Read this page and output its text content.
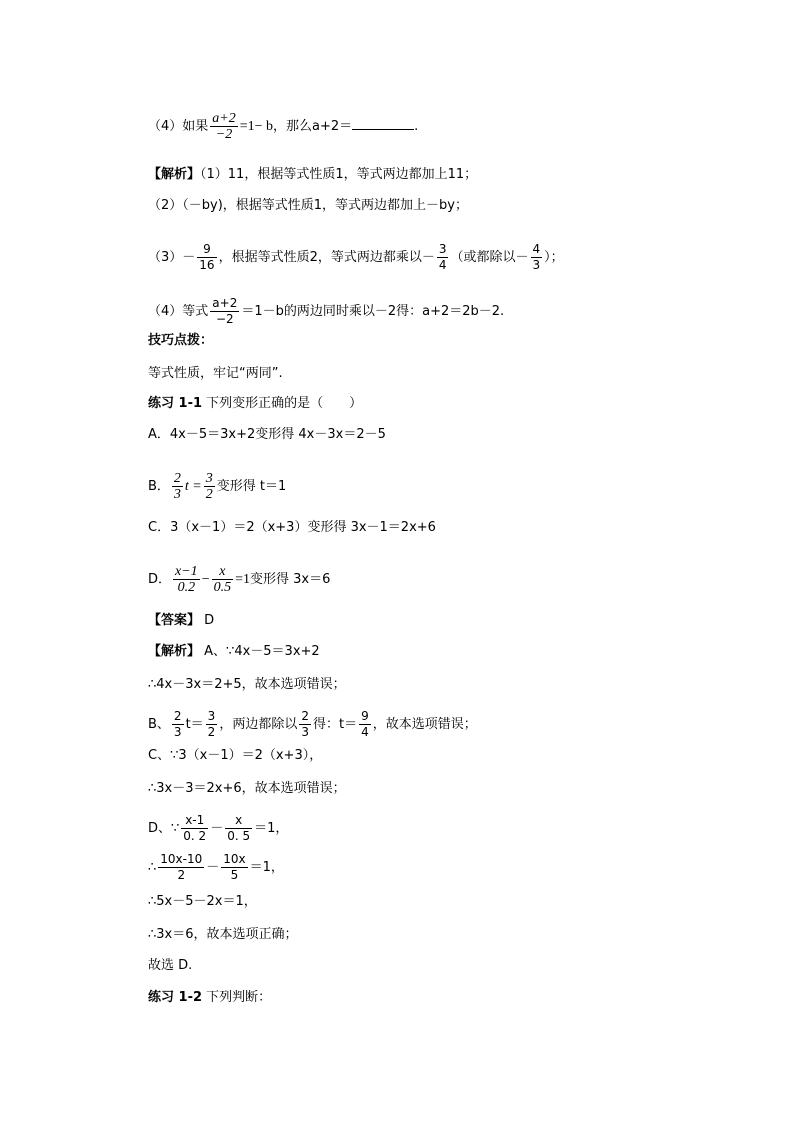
（4）如果 $\frac{a+2}{-2} =1- b$，那么a+2＝	.
【解析】（1）11，根据等式性质1，等式两边都加上11；
（2）（－by)，根据等式性质1，等式两边都加上－by；
$(3)- \frac{9}{16}$ ，根据等式性质2，等式两边都乘以－ $\frac{3}{4}$ （或都除以－ $\frac{4}{3}$ ）；
（4）等式 $\frac{a+2}{-2} =1-b$的两边同时乘以－2得：a+2＝2b－2.
技巧点拨：
等式性质，牢记“两同”.
练习 1-1 下列变形正确的是（　　）
A．4x－5＝3x+2变形得 4x－3x＝2－5
B． $\frac{2}{3}$ $t = \frac{3}{2}$ 变形得 t＝1
C．3（x－1）＝2（x+3）变形得 3x－1＝2x+6
D． $\frac{x-1}{0.2} - \frac{x}{0.5} =1$变形得 3x＝6
【答案】 D
【解析】 A、∵4x－5＝3x+2
∴4x－3x＝2+5，故本选项错误；
B、 $\frac{2}{3} t= \frac{3}{2}$ ，两边都除以 $\frac{2}{3}$ 得：$t= \frac{9}{4}$ ，故本选项错误；
C、∵3（x－1）＝2（x+3），
∴3x－3＝2x+6，故本选项错误；
D、∵ $\frac{x-1}{0. 2} - \frac{x}{0. 5} =1$，
∴ $\frac{10x-10}{2} - \frac{10x}{5} =1$，
∴5x－5－2x＝1，
∴3x＝6，故本选项正确；
故选 D.
练习 1-2 下列判断：
